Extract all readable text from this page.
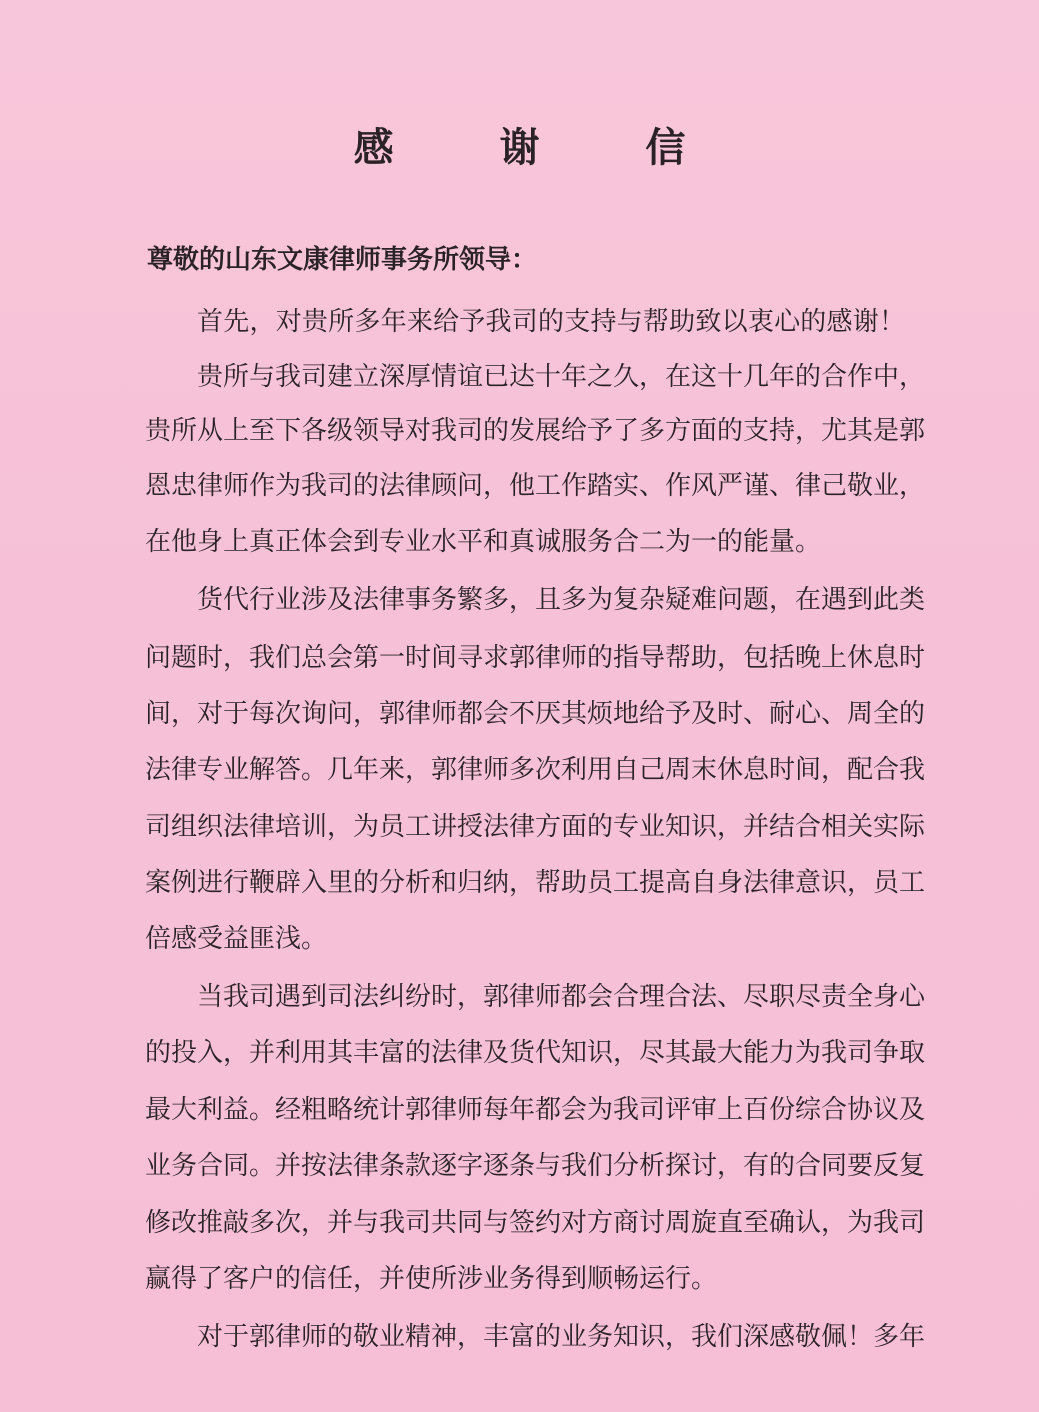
感 谢 信
尊敬的山东文康律师事务所领导：
首先，对贵所多年来给予我司的支持与帮助致以衷心的感谢！
贵所与我司建立深厚情谊已达十年之久，在这十几年的合作中，
贵所从上至下各级领导对我司的发展给予了多方面的支持，尤其是郭
恩忠律师作为我司的法律顾问，他工作踏实、作风严谨、律己敬业，
在他身上真正体会到专业水平和真诚服务合二为一的能量。
货代行业涉及法律事务繁多，且多为复杂疑难问题，在遇到此类
问题时，我们总会第一时间寻求郭律师的指导帮助，包括晚上休息时
间，对于每次询问，郭律师都会不厌其烦地给予及时、耐心、周全的
法律专业解答。几年来，郭律师多次利用自己周末休息时间，配合我
司组织法律培训，为员工讲授法律方面的专业知识，并结合相关实际
案例进行鞭辟入里的分析和归纳，帮助员工提高自身法律意识，员工
倍感受益匪浅。
当我司遇到司法纠纷时，郭律师都会合理合法、尽职尽责全身心
的投入，并利用其丰富的法律及货代知识，尽其最大能力为我司争取
最大利益。经粗略统计郭律师每年都会为我司评审上百份综合协议及
业务合同。并按法律条款逐字逐条与我们分析探讨，有的合同要反复
修改推敲多次，并与我司共同与签约对方商讨周旋直至确认，为我司
赢得了客户的信任，并使所涉业务得到顺畅运行。
对于郭律师的敬业精神，丰富的业务知识，我们深感敬佩！多年
